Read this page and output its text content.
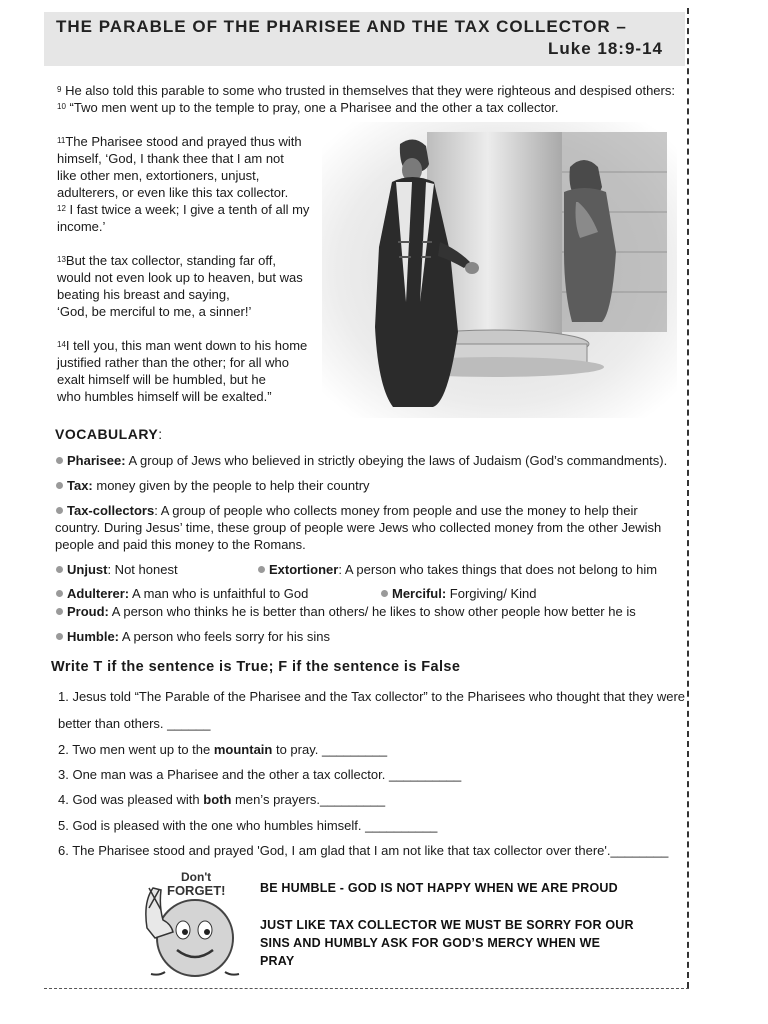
THE PARABLE OF THE PHARISEE AND THE TAX COLLECTOR –
Luke 18:9-14
$^9$ He also told this parable to some who trusted in themselves that they were righteous and despised others:
$^{10}$ “Two men went up to the temple to pray, one a Pharisee and the other a tax collector.
$^{11}$The Pharisee stood and prayed thus with
himself, ‘God, I thank thee that I am not
like other men, extortioners, unjust,
adulterers, or even like this tax collector.
$^{12}$ I fast twice a week; I give a tenth of all my
income.’
$^{13}$But the tax collector, standing far off,
would not even look up to heaven, but was
beating his breast and saying,
‘God, be merciful to me, a sinner!’
$^{14}$I tell you, this man went down to his home
justified rather than the other; for all who
exalt himself will be humbled, but he
who humbles himself will be exalted.”
VOCABULARY:
Pharisee: A group of Jews who believed in strictly obeying the laws of Judaism (God’s commandments).
Tax: money given by the people to help their country
Tax-collectors: A group of people who collects money from people and use the money to help their
country. During Jesus’ time, these group of people were Jews who collected money from the other Jewish
people and paid this money to the Romans.
Unjust: Not honest	Extortioner: A person who takes things that does not belong to him
Adulterer: A man who is unfaithful to God	Merciful: Forgiving/ Kind
Proud: A person who thinks he is better than others/ he likes to show other people how better he is
Humble: A person who feels sorry for his sins
Write T if the sentence is True; F if the sentence is False
1. Jesus told “The Parable of the Pharisee and the Tax collector” to the Pharisees who thought that they were
better than others. ______
2. Two men went up to the mountain to pray. _________
3. One man was a Pharisee and the other a tax collector. __________
4. God was pleased with both men’s prayers._________
5. God is pleased with the one who humbles himself. __________
6. The Pharisee stood and prayed 'God, I am glad that I am not like that tax collector over there'.________
Don't
FORGET!	BE HUMBLE - GOD IS NOT HAPPY WHEN WE ARE PROUD
JUST LIKE TAX COLLECTOR WE MUST BE SORRY FOR OUR
SINS AND HUMBLY ASK FOR GOD’S MERCY WHEN WE
PRAY
